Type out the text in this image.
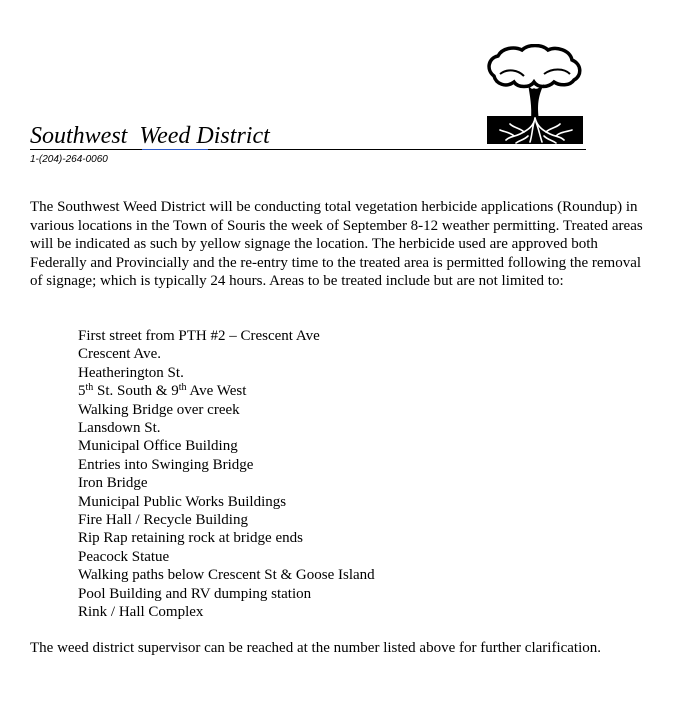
Southwest  Weed District
1-(204)-264-0060

The Southwest Weed District will be conducting total vegetation herbicide applications (Roundup) in various locations in the Town of Souris the week of September 8-12 weather permitting. Treated areas will be indicated as such by yellow signage the location. The herbicide used are approved both Federally and Provincially and the re-entry time to the treated area is permitted following the removal of signage; which is typically 24 hours. Areas to be treated include but are not limited to:

First street from PTH #2 – Crescent Ave
Crescent Ave.
Heatherington St.
5th St. South & 9th Ave West
Walking Bridge over creek
Lansdown St.
Municipal Office Building
Entries into Swinging Bridge
Iron Bridge
Municipal Public Works Buildings
Fire Hall / Recycle Building
Rip Rap retaining rock at bridge ends
Peacock Statue
Walking paths below Crescent St & Goose Island
Pool Building and RV dumping station
Rink / Hall Complex

The weed district supervisor can be reached at the number listed above for further clarification.
